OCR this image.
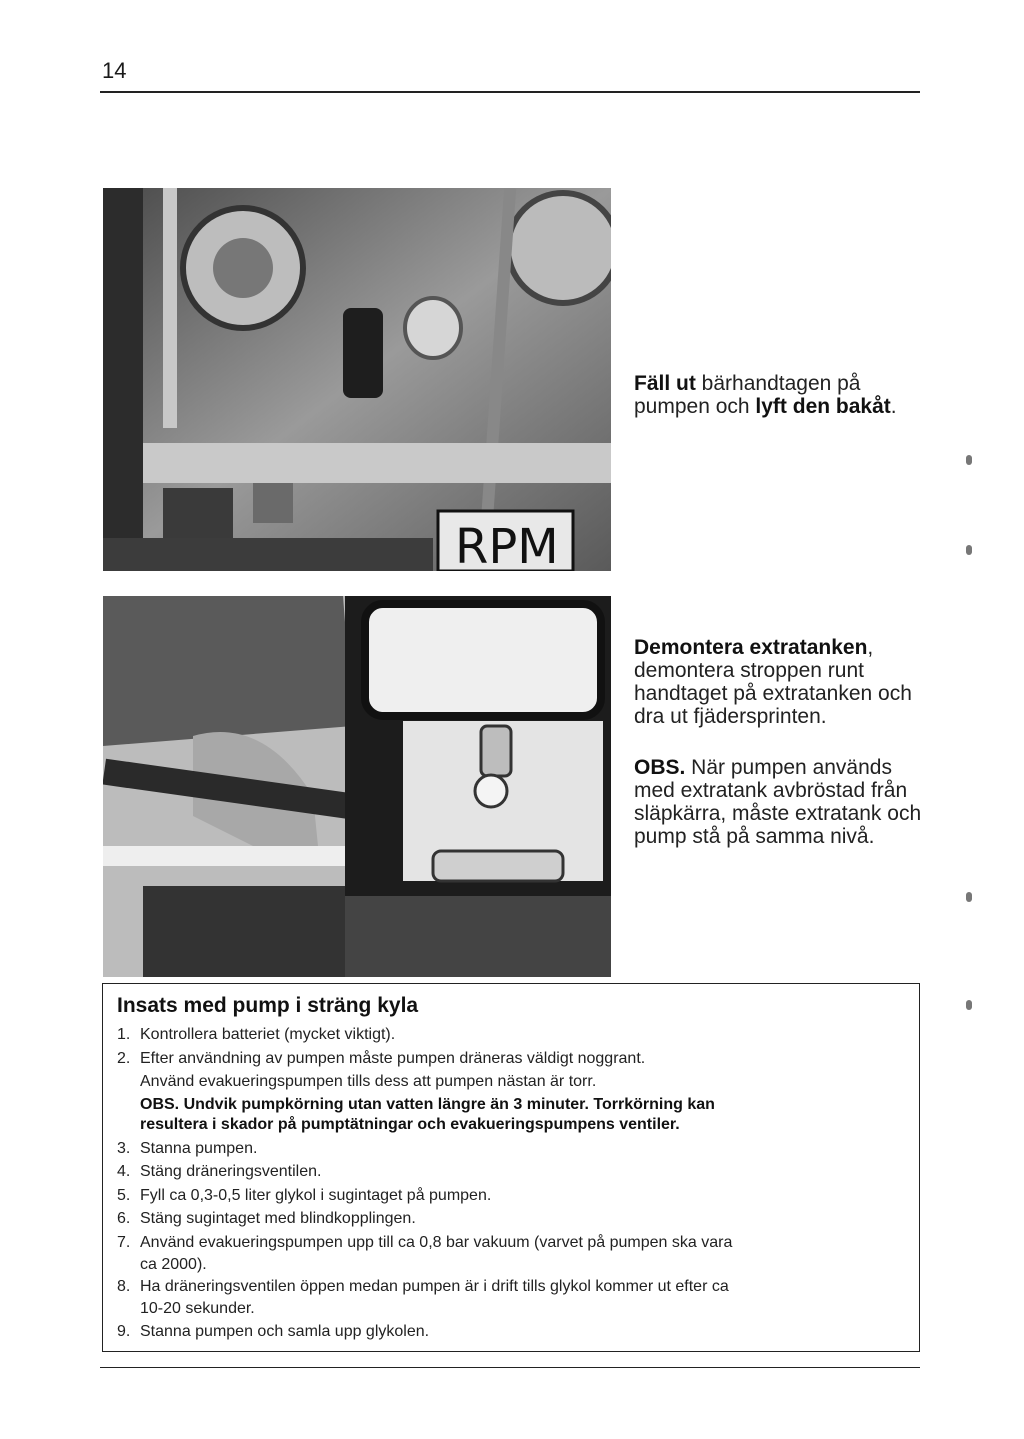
14
RPM
Fäll ut bärhandtagen på pumpen och lyft den bakåt.
Demontera extratanken, demontera stroppen runt handtaget på extratanken och dra ut fjädersprinten.
OBS. När pumpen används med extratank avbröstad från släpkärra, måste extratank och pump stå på samma nivå.
Insats med pump i sträng kyla
1. Kontrollera batteriet (mycket viktigt).
2. Efter användning av pumpen måste pumpen dräneras väldigt noggrant.
Använd evakueringspumpen tills dess att pumpen nästan är torr.
OBS. Undvik pumpkörning utan vatten längre än 3 minuter. Torrkörning kan
resultera i skador på pumptätningar och evakueringspumpens ventiler.
3. Stanna pumpen.
4. Stäng dräneringsventilen.
5. Fyll ca 0,3-0,5 liter glykol i sugintaget på pumpen.
6. Stäng sugintaget med blindkopplingen.
7. Använd evakueringspumpen upp till ca 0,8 bar vakuum (varvet på pumpen ska vara
ca 2000).
8. Ha dräneringsventilen öppen medan pumpen är i drift tills glykol kommer ut efter ca
10-20 sekunder.
9. Stanna pumpen och samla upp glykolen.
